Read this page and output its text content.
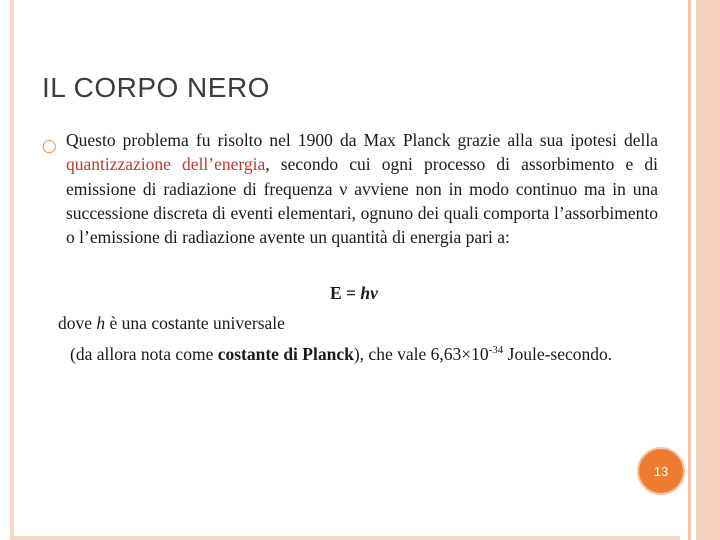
IL CORPO NERO
◯ Questo problema fu risolto nel 1900 da Max Planck grazie alla sua ipotesi della quantizzazione dell’energia, secondo cui ogni processo di assorbimento e di emissione di radiazione di frequenza ν avviene non in modo continuo ma in una successione discreta di eventi elementari, ognuno dei quali comporta l’assorbimento o l’emissione di radiazione avente un quantità di energia pari a:
E = hν
dove h è una costante universale
(da allora nota come costante di Planck), che vale $6,63\times 10^{-34}$ Joule-secondo.
13
